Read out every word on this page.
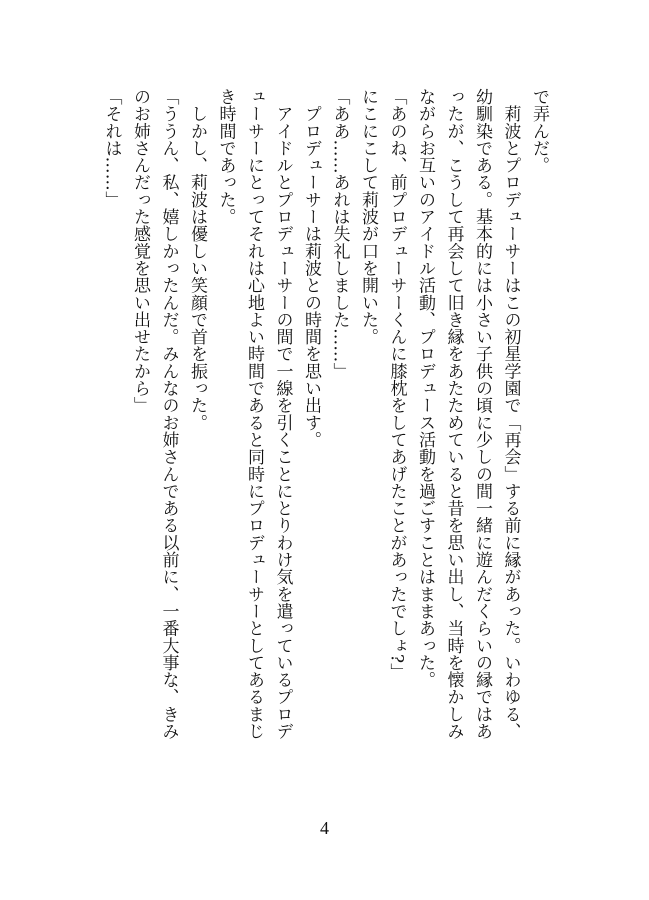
で弄んだ。

　莉波とプロデューサーはこの初星学園で「再会」する前に縁があった。いわゆる、

幼馴染である。基本的には小さい子供の頃に少しの間一緒に遊んだくらいの縁ではあ

ったが、こうして再会して旧き縁をあたためていると昔を思い出し、当時を懐かしみ

ながらお互いのアイドル活動、プロデュース活動を過ごすことはままあった。

「あのね、前プロデューサーくんに膝枕をしてあげたことがあったでしょ?」

にこにこして莉波が口を開いた。

「ああ……あれは失礼しました……」

　プロデューサーは莉波との時間を思い出す。

　アイドルとプロデューサーの間で一線を引くことにとりわけ気を遣っているプロデ

ューサーにとってそれは心地よい時間であると同時にプロデューサーとしてあるまじ

き時間であった。

　しかし、莉波は優しい笑顔で首を振った。

「ううん、私、嬉しかったんだ。みんなのお姉さんである以前に、一番大事な、きみ

のお姉さんだった感覚を思い出せたから」

「それは……」

4
